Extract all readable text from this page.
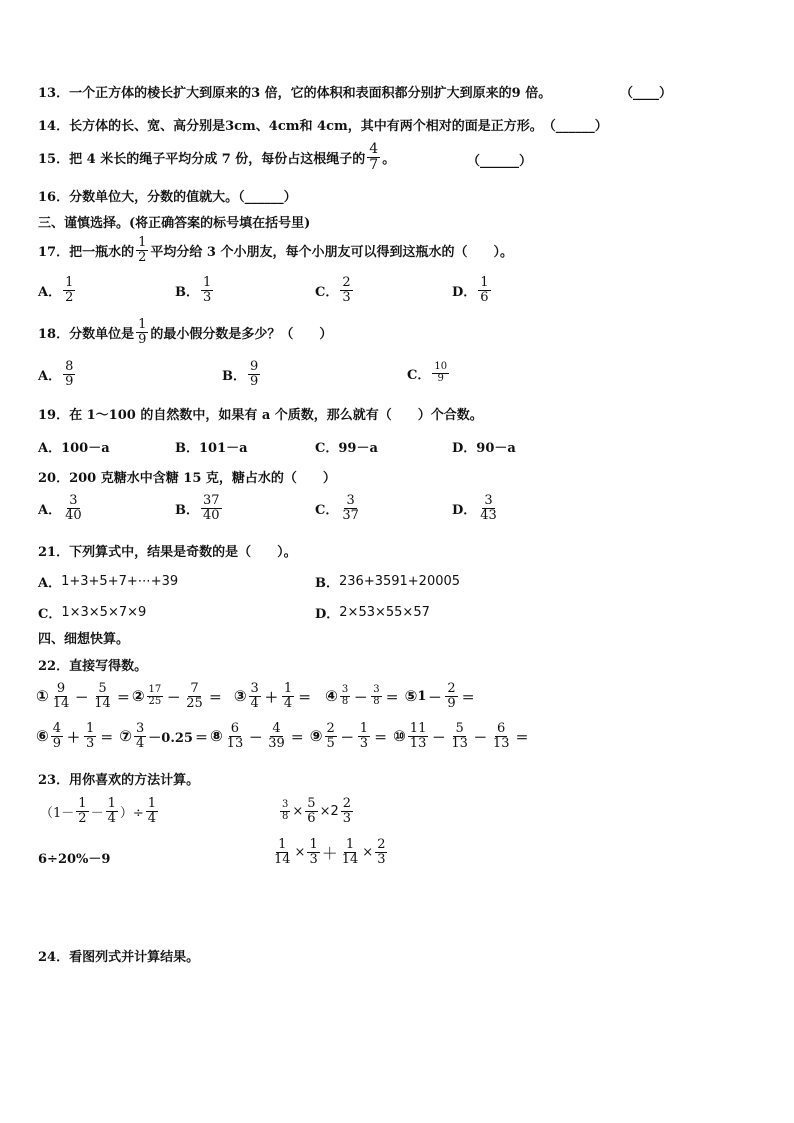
13． 一个正方体的棱长扩大到原来的3 倍，它的体积和表面积都分别扩大到原来的9 倍。	（____）
14． 长方体的长、宽、高分别是3cm、4cm和 4cm，其中有两个相对的面是正方形。 （______）
15． 把 4 米长的绳子平均分成 7 份，每份占这根绳子的 $\frac{4}{7}$ 。	（______）
16． 分数单位大，分数的值就大。（______）
三、谨慎选择。(将正确答案的标号填在括号里)
17． 把一瓶水的 $\frac{1}{2}$ 平均分给 3 个小朋友，每个小朋友可以得到这瓶水的（　　）。
A． $\frac{1}{2}$	B． $\frac{1}{3}$	C． $\frac{2}{3}$	D． $\frac{1}{6}$
18． 分数单位是 $\frac{1}{9}$ 的最小假分数是多少？（　　）
A． $\frac{8}{9}$	B． $\frac{9}{9}$	C． $\frac{10}{9}$
19． 在 1～100 的自然数中，如果有 a 个质数，那么就有（　　）个合数。
A．100－a	B．101－a	C．99－a	D．90－a
20． 200 克糖水中含糖 15 克，糖占水的（　　）
A． $\frac{3}{40}$	B． $\frac{37}{40}$	C． $\frac{3}{37}$	D． $\frac{3}{43}$
21． 下列算式中，结果是奇数的是（　　）。
A． 1+3+5+7+⋯+39	B． 236+3591+20005
C． 1×3×5×7×9	D． 2×53×55×57
四、细想快算。
22． 直接写得数。
① $\frac{9}{14} - \frac{5}{14}$ ＝ ② $\frac{17}{25} - \frac{7}{25}$ ＝ ③ $\frac{3}{4} + \frac{1}{4}$ ＝ ④ $\frac{3}{8} - \frac{3}{8}$ ＝ ⑤ $1 - \frac{2}{9}$ ＝
⑥ $\frac{4}{9} + \frac{1}{3}$ ＝ ⑦ $\frac{3}{4} -0.25$ ＝ ⑧ $\frac{6}{13} - \frac{4}{39}$ ＝ ⑨ $\frac{2}{5} - \frac{1}{3}$ ＝ ⑩ $\frac{11}{13} - \frac{5}{13} - \frac{6}{13}$ ＝
23． 用你喜欢的方法计算。
（$1- \frac{1}{2} - \frac{1}{4}$ ）÷ $\frac{1}{4}$	$\frac{3}{8} \times \frac{5}{6} \times 2 \frac{2}{3}$
6÷20%－9	$\frac{1}{14} \times \frac{1}{3} + \frac{1}{14} \times \frac{2}{3}$
24． 看图列式并计算结果。
